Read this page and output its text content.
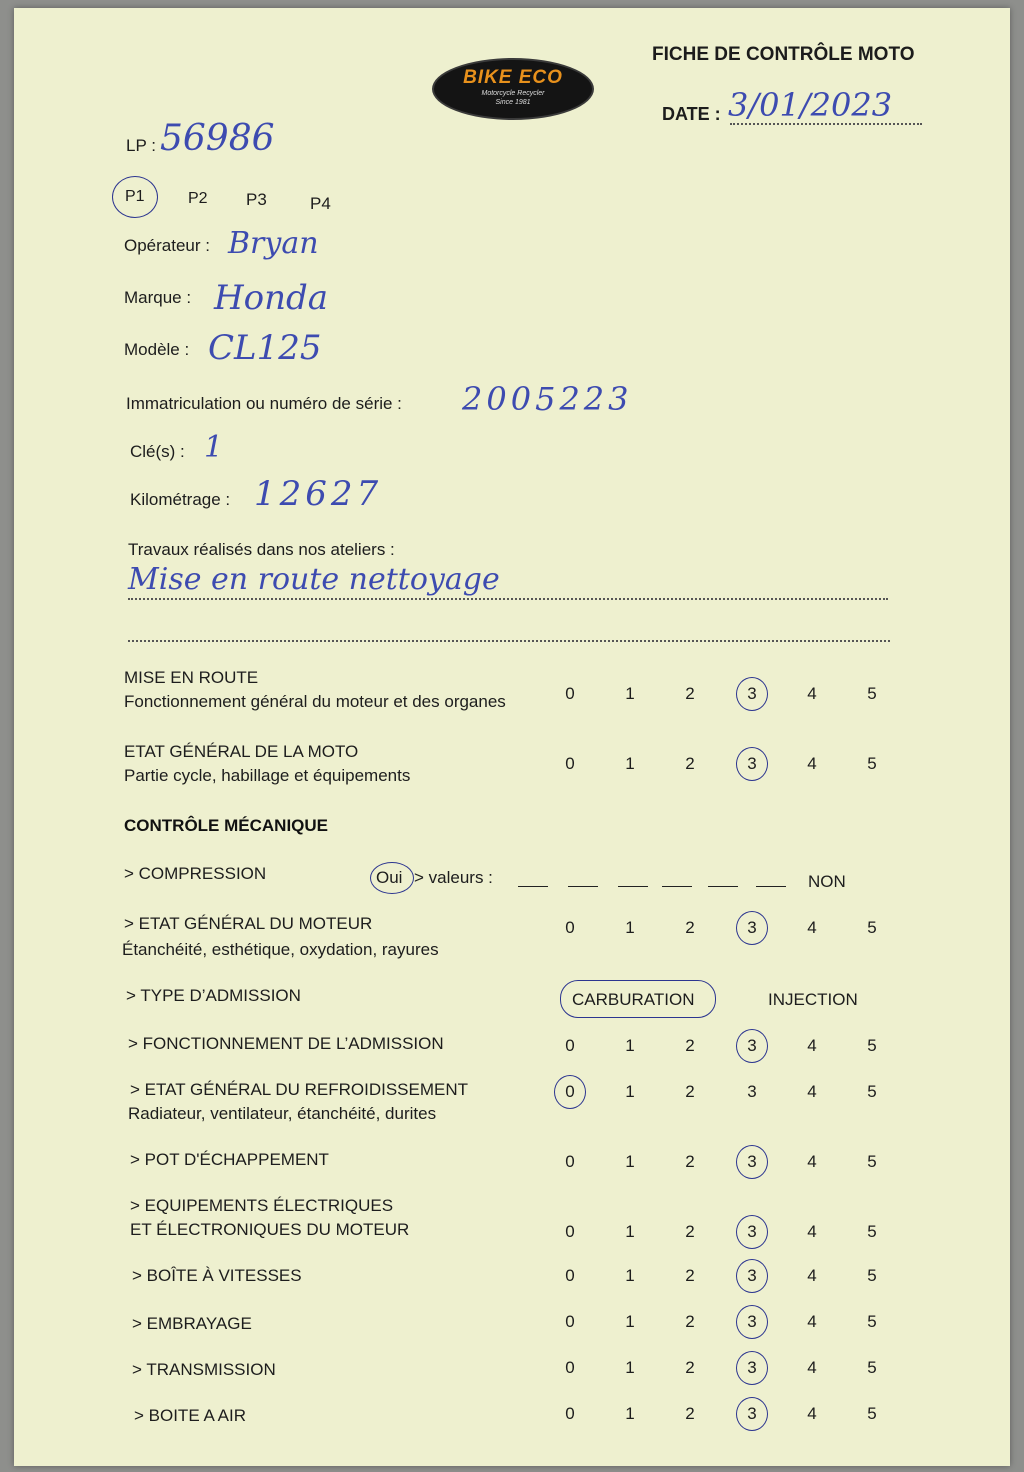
BIKE ECO
Motorcycle Recycler
Since 1981
FICHE DE CONTRÔLE MOTO
DATE : 3/01/2023
LP : 56986
P1	P2 P3	P4
Opérateur : Bryan
Marque : Honda
Modèle : CL125
Immatriculation ou numéro de série : 2005223
Clé(s) : 1
Kilométrage : 12627
Travaux réalisés dans nos ateliers :
Mise en route nettoyage
MISE EN ROUTE
Fonctionnement général du moteur et des organes	0	1	2	3	4	5
ETAT GÉNÉRAL DE LA MOTO
Partie cycle, habillage et équipements
0	1	2	3	4	5
CONTRÔLE MÉCANIQUE
> COMPRESSION	Oui > valeurs :	NON
> ETAT GÉNÉRAL DU MOTEUR
Étanchéité, esthétique, oxydation, rayures
0	1	2	3	4	5
> TYPE D’ADMISSION	CARBURATION	INJECTION
> FONCTIONNEMENT DE L’ADMISSION	0	1	2	3	4	5
> ETAT GÉNÉRAL DU REFROIDISSEMENT
Radiateur, ventilateur, étanchéité, durites
0	1	2	3	4	5
> POT D'ÉCHAPPEMENT	0	1	2	3	4	5
> EQUIPEMENTS ÉLECTRIQUES
ET ÉLECTRONIQUES DU MOTEUR	0	1	2	3	4	5
> BOÎTE À VITESSES	0	1	2	3	4	5
> EMBRAYAGE	0	1	2	3	4	5
> TRANSMISSION	0	1	2	3	4	5
> BOITE A AIR	0	1	2	3	4	5
